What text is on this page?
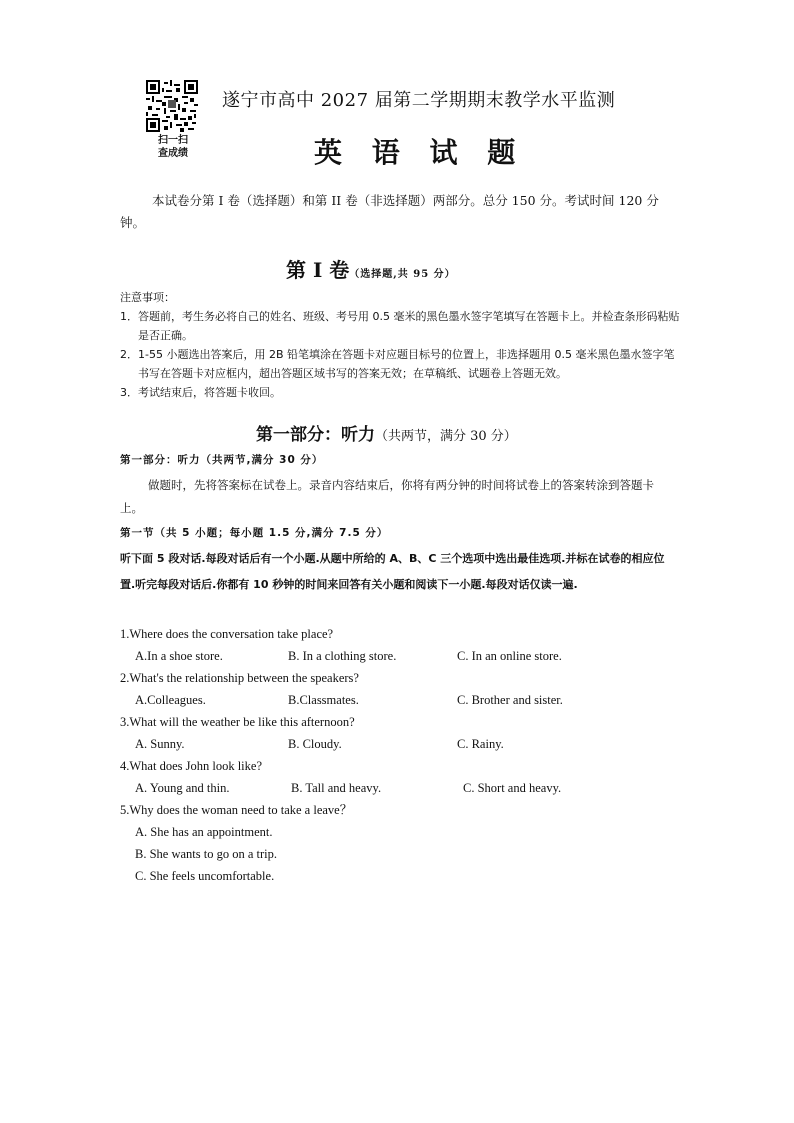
扫一扫
查成绩
遂宁市高中 2027 届第二学期期末教学水平监测
英 语 试 题
本试卷分第 I 卷（选择题）和第 II 卷（非选择题）两部分。总分 150 分。考试时间 120 分钟。
第 Ⅰ 卷（选择题,共 95 分）
注意事项：
1．答题前，考生务必将自己的姓名、班级、考号用 0.5 毫米的黑色墨水签字笔填写在答题卡上。并检查条形码粘贴是否正确。
2．1-55 小题选出答案后，用 2B 铅笔填涂在答题卡对应题目标号的位置上，非选择题用 0.5 毫米黑色墨水签字笔书写在答题卡对应框内，超出答题区域书写的答案无效；在草稿纸、试题卷上答题无效。
3．考试结束后，将答题卡收回。
第一部分：听力（共两节，满分 30 分）
第一部分：听力（共两节,满分 30 分）
做题时，先将答案标在试卷上。录音内容结束后，你将有两分钟的时间将试卷上的答案转涂到答题卡上。
第一节（共 5 小题；每小题 1.5 分,满分 7.5 分）
听下面 5 段对话.每段对话后有一个小题.从题中所给的 A、B、C 三个选项中选出最佳选项.并标在试卷的相应位置.听完每段对话后.你都有 10 秒钟的时间来回答有关小题和阅读下一小题.每段对话仅读一遍.
1.Where does the conversation take place?
A.In a shoe store.	B. In a clothing store.	C. In an online store.
2.What's the relationship between the speakers?
A.Colleagues.	B.Classmates.	C. Brother and sister.
3.What will the weather be like this afternoon?
A. Sunny.	B. Cloudy.	C. Rainy.
4.What does John look like?
A. Young and thin.	B. Tall and heavy.	C. Short and heavy.
5.Why does the woman need to take a leave？
A. She has an appointment.
B. She wants to go on a trip.
C. She feels uncomfortable.
